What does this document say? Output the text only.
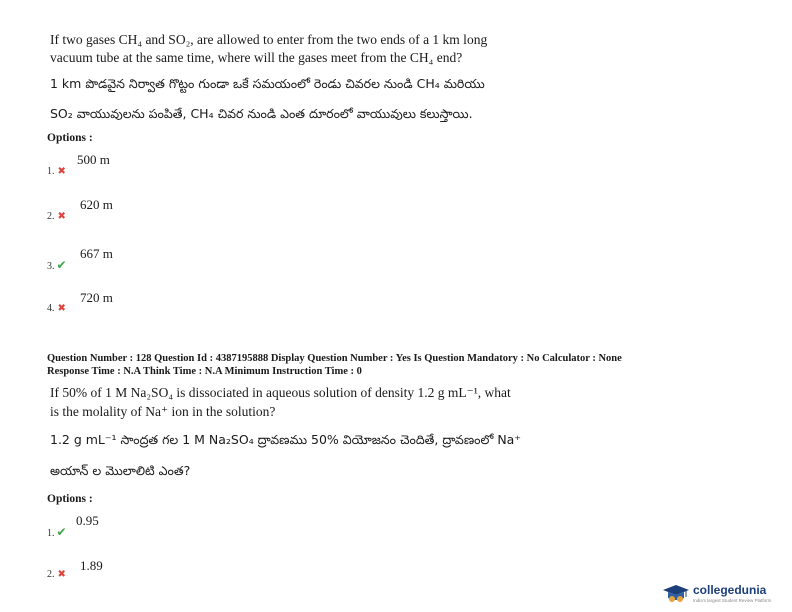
If two gases CH₄ and SO₂, are allowed to enter from the two ends of a 1 km long
vacuum tube at the same time, where will the gases meet from the CH₄ end?
1 km పొడవైన నిర్వాత గొట్టం గుండా ఒకే సమయంలో రెండు చివరల నుండి CH₄ మరియు
SO₂ వాయువులను పంపితే, CH₄ చివర నుండి ఎంత దూరంలో వాయువులు కలుస్తాయి.
Options :
500 m
1. ✖
620 m
2. ✖
667 m
3. ✔
720 m
4. ✖
Question Number : 128 Question Id : 4387195888 Display Question Number : Yes Is Question Mandatory : No Calculator : None
Response Time : N.A Think Time : N.A Minimum Instruction Time : 0
If 50% of 1 M Na₂SO₄ is dissociated in aqueous solution of density 1.2 g mL⁻¹, what
is the molality of Na⁺ ion in the solution?
1.2 g mL⁻¹ సాంద్రత గల 1 M Na₂SO₄ ద్రావణము 50% వియోజనం చెందితే, ద్రావణంలో Na⁺
అయాన్ ల మొలాలిటి ఎంత?
Options :
0.95
1. ✔
1.89
2. ✖
collegedunia
India's largest Student Review Platform
